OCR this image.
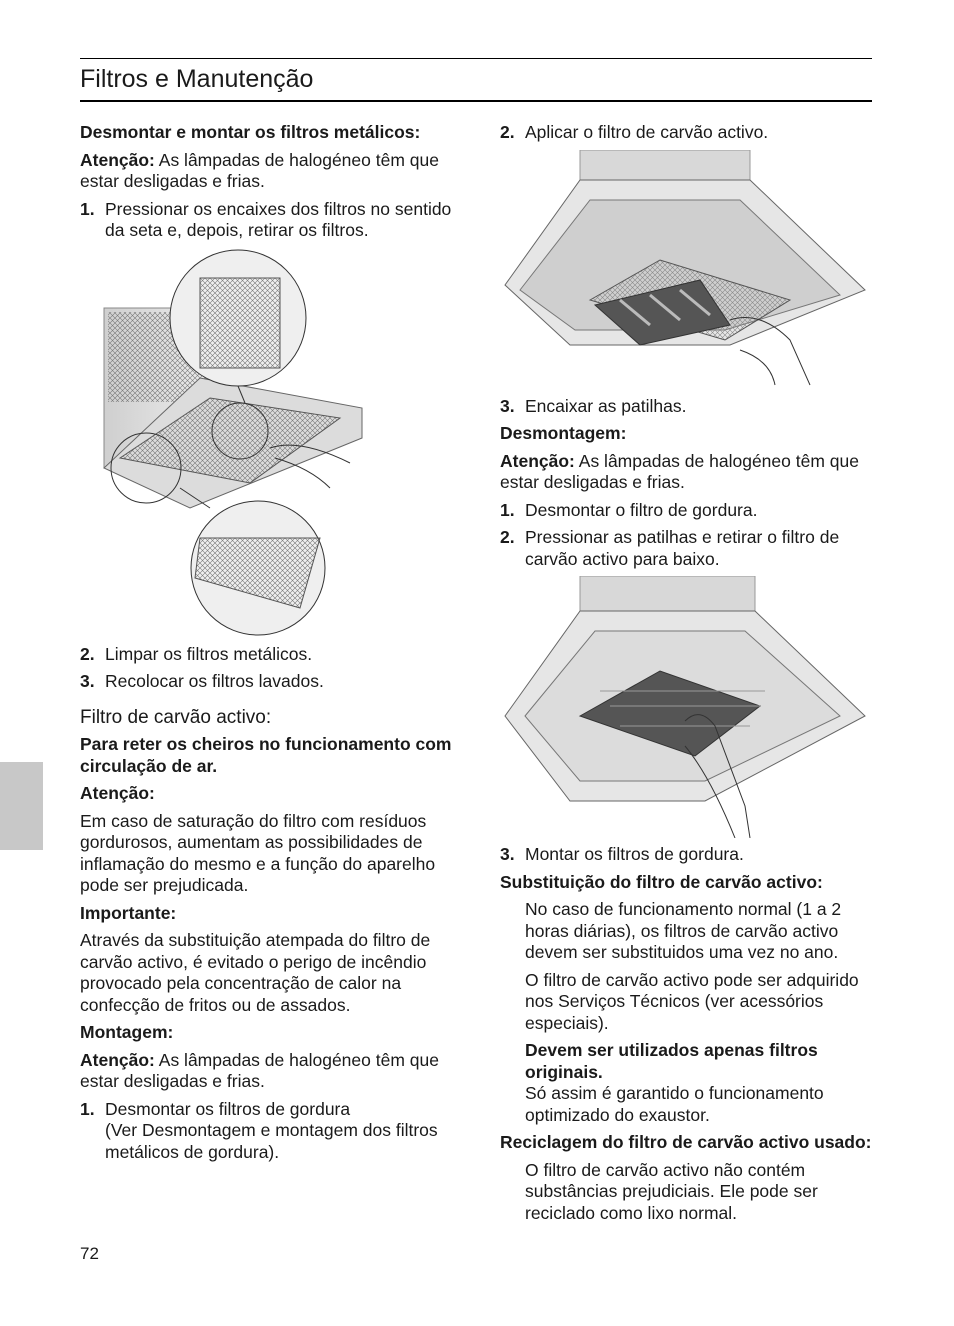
Filtros e Manutenção

Desmontar e montar os filtros metálicos:

Atenção: As lâmpadas de halogéneo têm que estar desligadas e frias.

1. Pressionar os encaixes dos filtros no sentido da seta e, depois, retirar os filtros.
2. Limpar os filtros metálicos.
3. Recolocar os filtros lavados.

Filtro de carvão activo:

Para reter os cheiros no funcionamento com circulação de ar.

Atenção:

Em caso de saturação do filtro com resíduos gordurosos, aumentam as possibilidades de inflamação do mesmo e a função do aparelho pode ser prejudicada.

Importante:

Através da substituição atempada do filtro de carvão activo, é evitado o perigo de incêndio provocado pela concentração de calor na confecção de fritos ou de assados.

Montagem:

Atenção: As lâmpadas de halogéneo têm que estar desligadas e frias.

1. Desmontar os filtros de gordura
(Ver Desmontagem e montagem dos filtros metálicos de gordura).
2. Aplicar o filtro de carvão activo.
3. Encaixar as patilhas.

Desmontagem:

Atenção: As lâmpadas de halogéneo têm que estar desligadas e frias.

1. Desmontar o filtro de gordura.
2. Pressionar as patilhas e retirar o filtro de carvão activo para baixo.
3. Montar os filtros de gordura.

Substituição do filtro de carvão activo:

No caso de funcionamento normal (1 a 2 horas diárias), os filtros de carvão activo devem ser substituidos uma vez no ano.

O filtro de carvão activo pode ser adquirido nos Serviços Técnicos (ver acessórios especiais).

Devem ser utilizados apenas filtros originais.
Só assim é garantido o funcionamento optimizado do exaustor.

Reciclagem do filtro de carvão activo usado:

O filtro de carvão activo não contém substâncias prejudiciais. Ele pode ser reciclado como lixo normal.

72
